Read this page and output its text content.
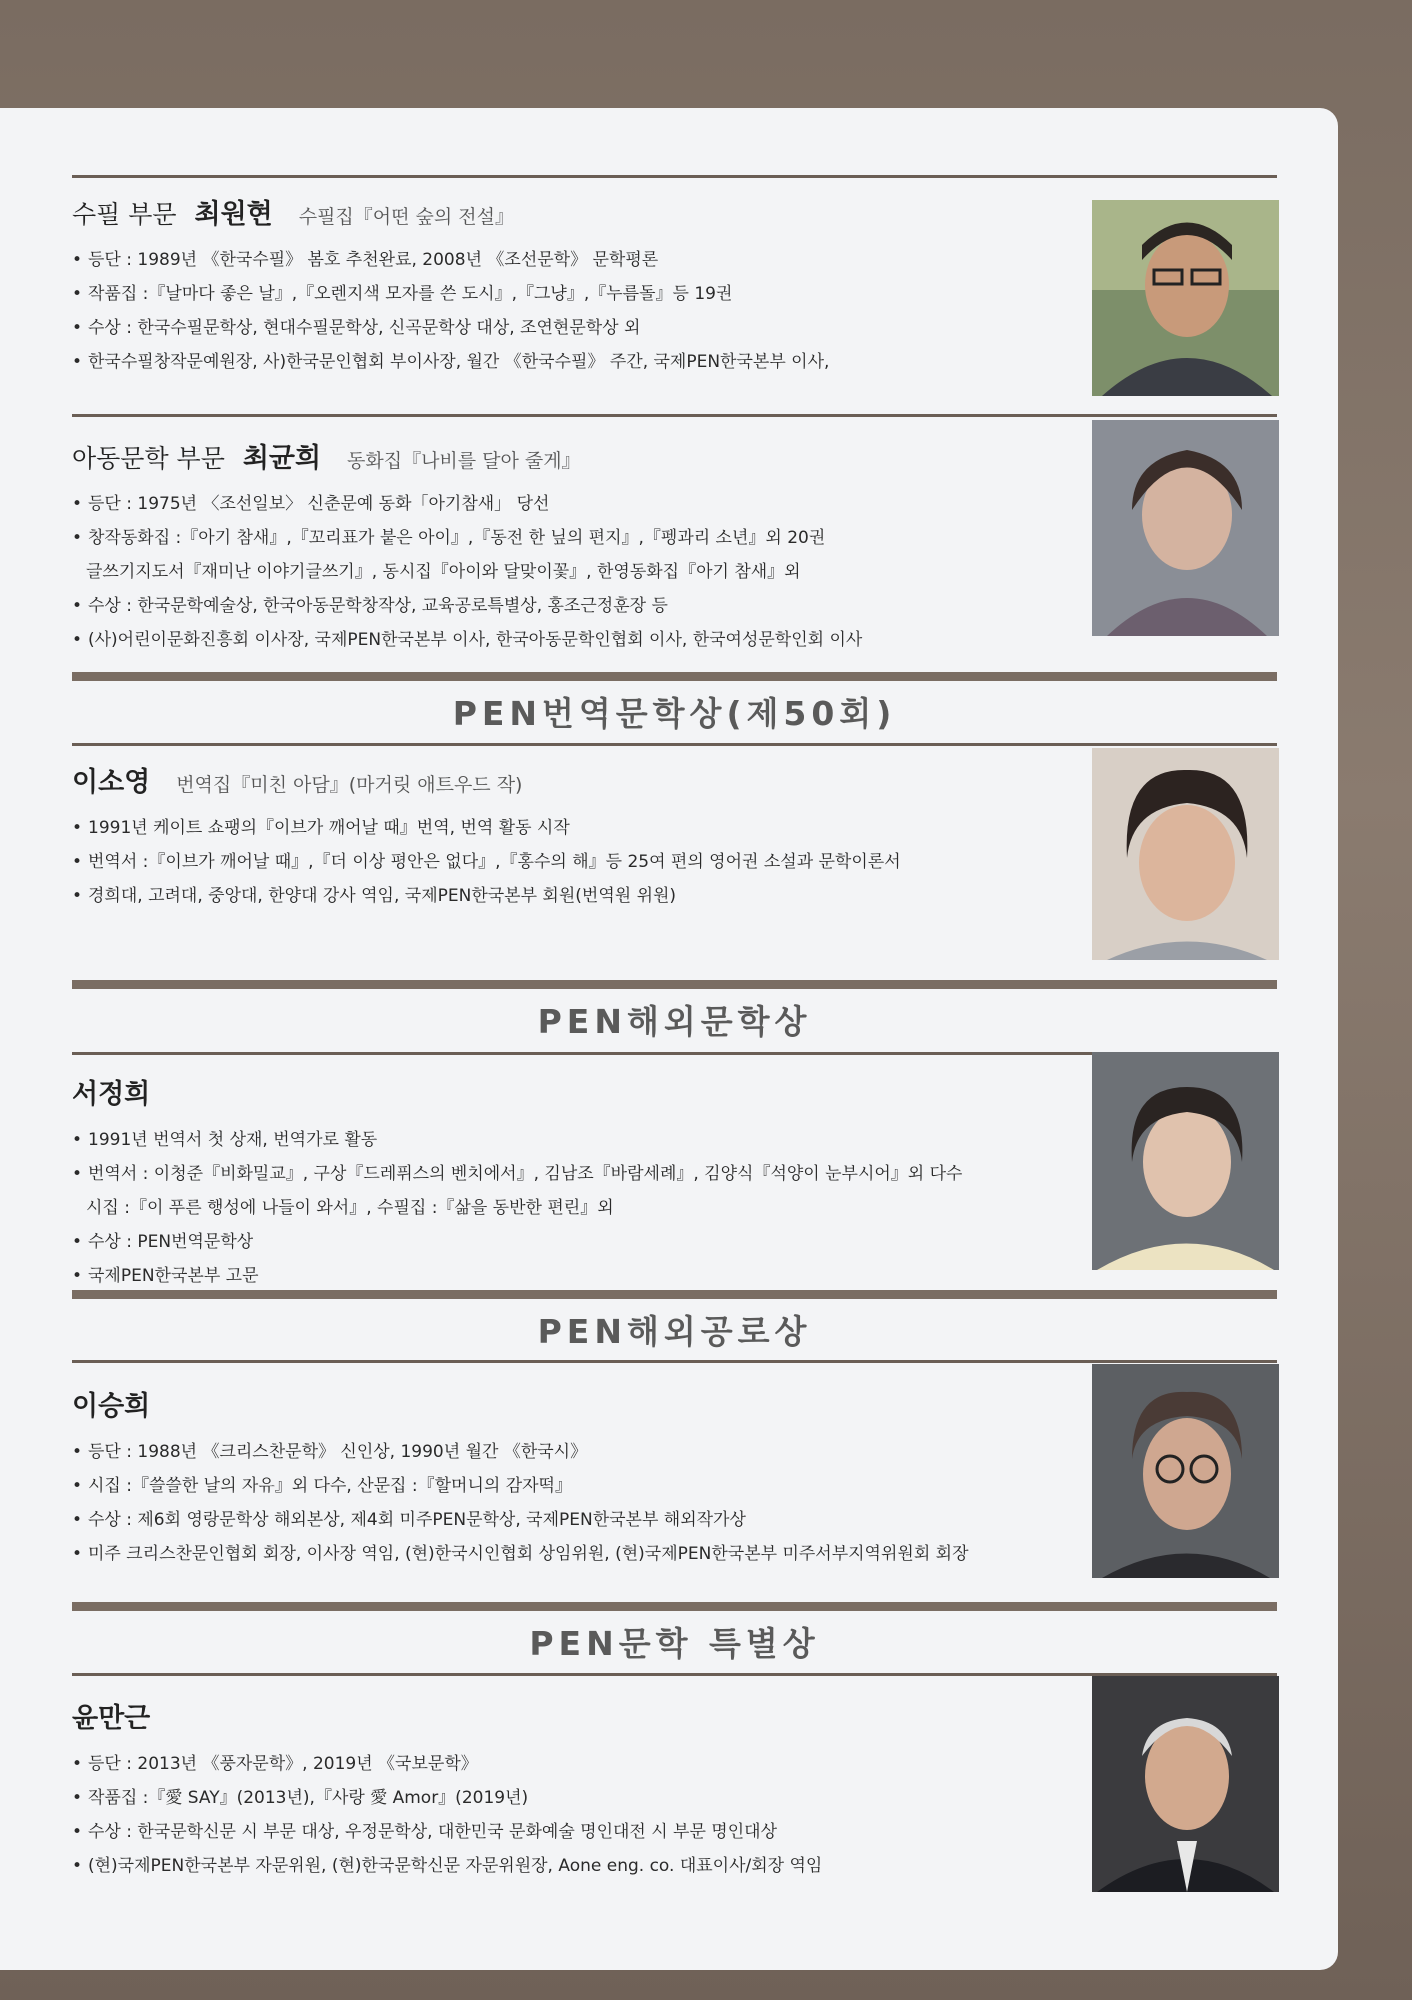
수필 부문 최원현 수필집『어떤 숲의 전설』
• 등단 : 1989년 《한국수필》 봄호 추천완료, 2008년 《조선문학》 문학평론
• 작품집 :『날마다 좋은 날』,『오렌지색 모자를 쓴 도시』,『그냥』,『누름돌』등 19권
• 수상 : 한국수필문학상, 현대수필문학상, 신곡문학상 대상, 조연현문학상 외
• 한국수필창작문예원장, 사)한국문인협회 부이사장, 월간 《한국수필》 주간, 국제PEN한국본부 이사,
아동문학 부문 최균희 동화집『나비를 달아 줄게』
• 등단 : 1975년 〈조선일보〉 신춘문예 동화「아기참새」 당선
• 창작동화집 :『아기 참새』,『꼬리표가 붙은 아이』,『동전 한 닢의 편지』,『펭과리 소년』외 20권
글쓰기지도서『재미난 이야기글쓰기』, 동시집『아이와 달맞이꽃』, 한영동화집『아기 참새』외
• 수상 : 한국문학예술상, 한국아동문학창작상, 교육공로특별상, 홍조근정훈장 등
• (사)어린이문화진흥회 이사장, 국제PEN한국본부 이사, 한국아동문학인협회 이사, 한국여성문학인회 이사
PEN번역문학상(제50회)
이소영 번역집『미친 아담』(마거릿 애트우드 작)
• 1991년 케이트 쇼팽의『이브가 깨어날 때』번역, 번역 활동 시작
• 번역서 :『이브가 깨어날 때』,『더 이상 평안은 없다』,『홍수의 해』등 25여 편의 영어권 소설과 문학이론서
• 경희대, 고려대, 중앙대, 한양대 강사 역임, 국제PEN한국본부 회원(번역원 위원)
PEN해외문학상
서정희
• 1991년 번역서 첫 상재, 번역가로 활동
• 번역서 : 이청준『비화밀교』, 구상『드레퓌스의 벤치에서』, 김남조『바람세례』, 김양식『석양이 눈부시어』외 다수
시집 :『이 푸른 행성에 나들이 와서』, 수필집 :『삶을 동반한 편린』외
• 수상 : PEN번역문학상
• 국제PEN한국본부 고문
PEN해외공로상
이승희
• 등단 : 1988년 《크리스찬문학》 신인상, 1990년 월간 《한국시》
• 시집 :『쓸쓸한 날의 자유』외 다수, 산문집 :『할머니의 감자떡』
• 수상 : 제6회 영랑문학상 해외본상, 제4회 미주PEN문학상, 국제PEN한국본부 해외작가상
• 미주 크리스찬문인협회 회장, 이사장 역임, (현)한국시인협회 상임위원, (현)국제PEN한국본부 미주서부지역위원회 회장
PEN문학 특별상
윤만근
• 등단 : 2013년 《풍자문학》, 2019년 《국보문학》
• 작품집 :『愛 SAY』(2013년),『사랑 愛 Amor』(2019년)
• 수상 : 한국문학신문 시 부문 대상, 우정문학상, 대한민국 문화예술 명인대전 시 부문 명인대상
• (현)국제PEN한국본부 자문위원, (현)한국문학신문 자문위원장, Aone eng. co. 대표이사/회장 역임
